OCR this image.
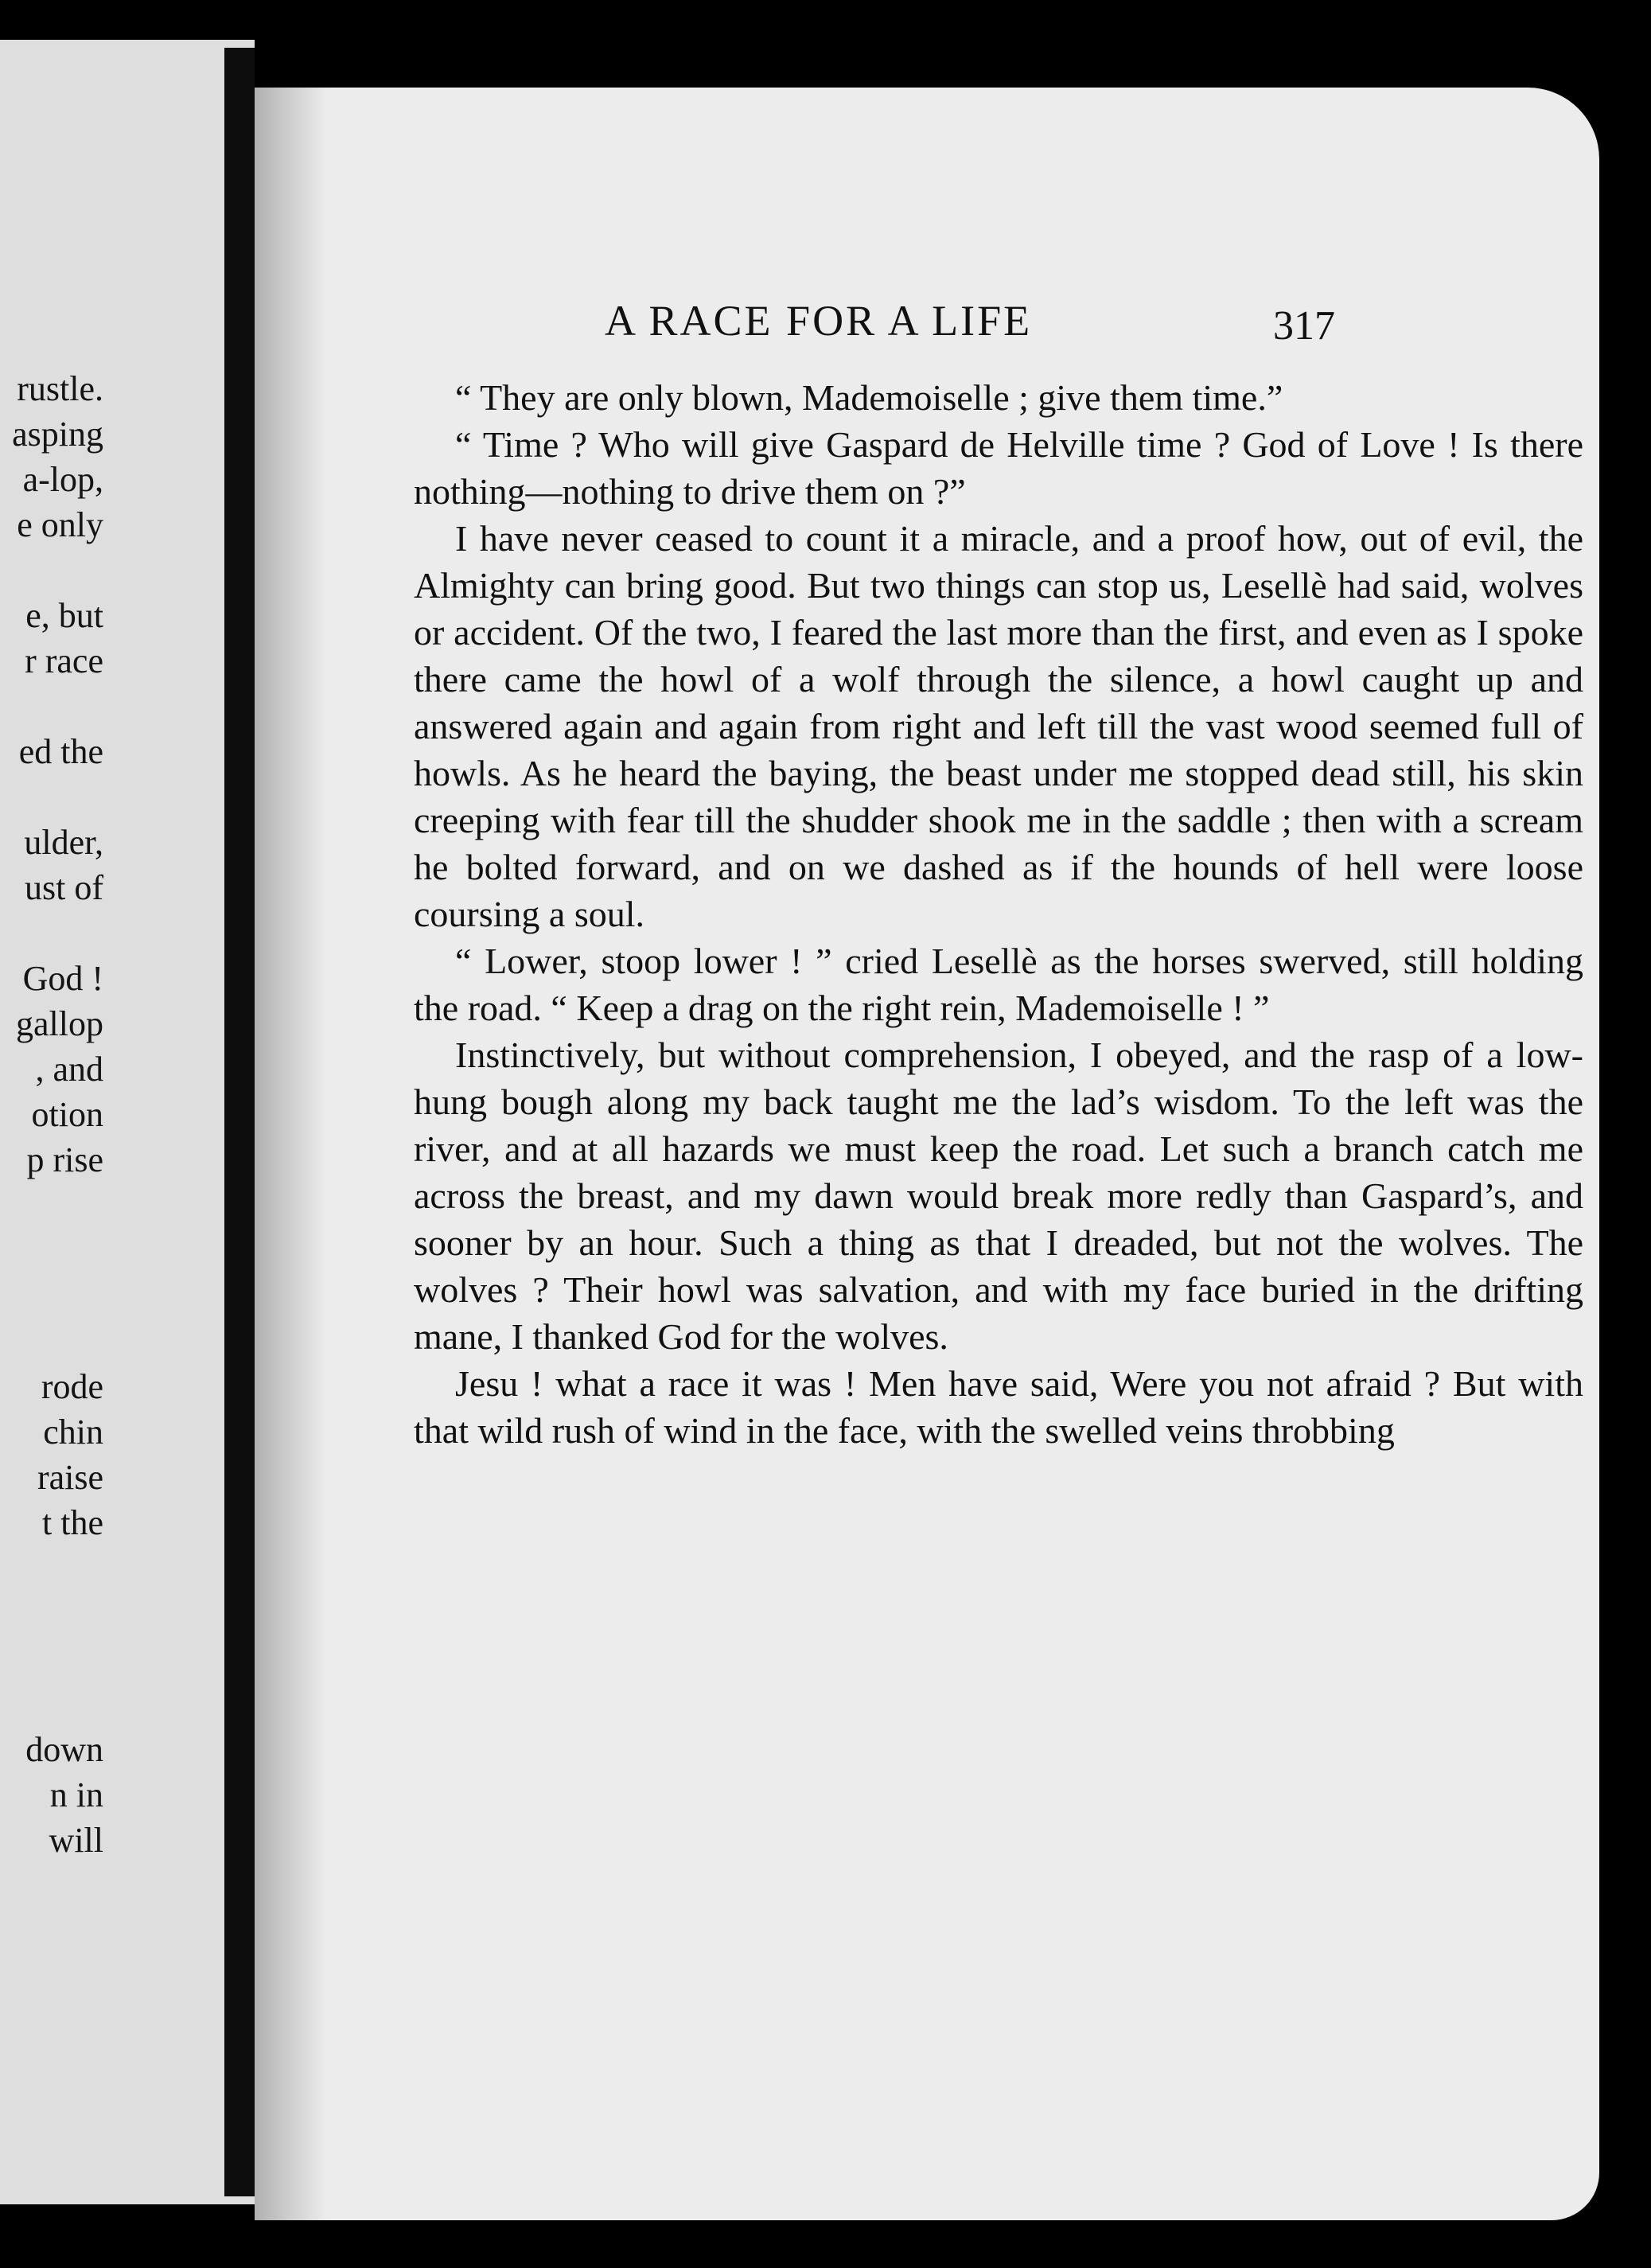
rustle.
asping
a-lop,
e only
e, but
r race
ed the
ulder,
ust of
God !
gallop
, and
otion
p rise
rode
chin
raise
t the
down
n in
will
A RACE FOR A LIFE	317

“ They are only blown, Mademoiselle ; give them time.”

“ Time ? Who will give Gaspard de Helville time ? God of Love ! Is there nothing—nothing to drive them on ?”

I have never ceased to count it a miracle, and a proof how, out of evil, the Almighty can bring good. But two things can stop us, Lesellè had said, wolves or accident. Of the two, I feared the last more than the first, and even as I spoke there came the howl of a wolf through the silence, a howl caught up and answered again and again from right and left till the vast wood seemed full of howls. As he heard the baying, the beast under me stopped dead still, his skin creeping with fear till the shudder shook me in the saddle ; then with a scream he bolted forward, and on we dashed as if the hounds of hell were loose coursing a soul.

“ Lower, stoop lower ! ” cried Lesellè as the horses swerved, still holding the road. “ Keep a drag on the right rein, Mademoiselle ! ”

Instinctively, but without comprehension, I obeyed, and the rasp of a low-hung bough along my back taught me the lad’s wisdom. To the left was the river, and at all hazards we must keep the road. Let such a branch catch me across the breast, and my dawn would break more redly than Gaspard’s, and sooner by an hour. Such a thing as that I dreaded, but not the wolves. The wolves ? Their howl was salvation, and with my face buried in the drifting mane, I thanked God for the wolves.

Jesu ! what a race it was ! Men have said, Were you not afraid ? But with that wild rush of wind in the face, with the swelled veins throbbing
